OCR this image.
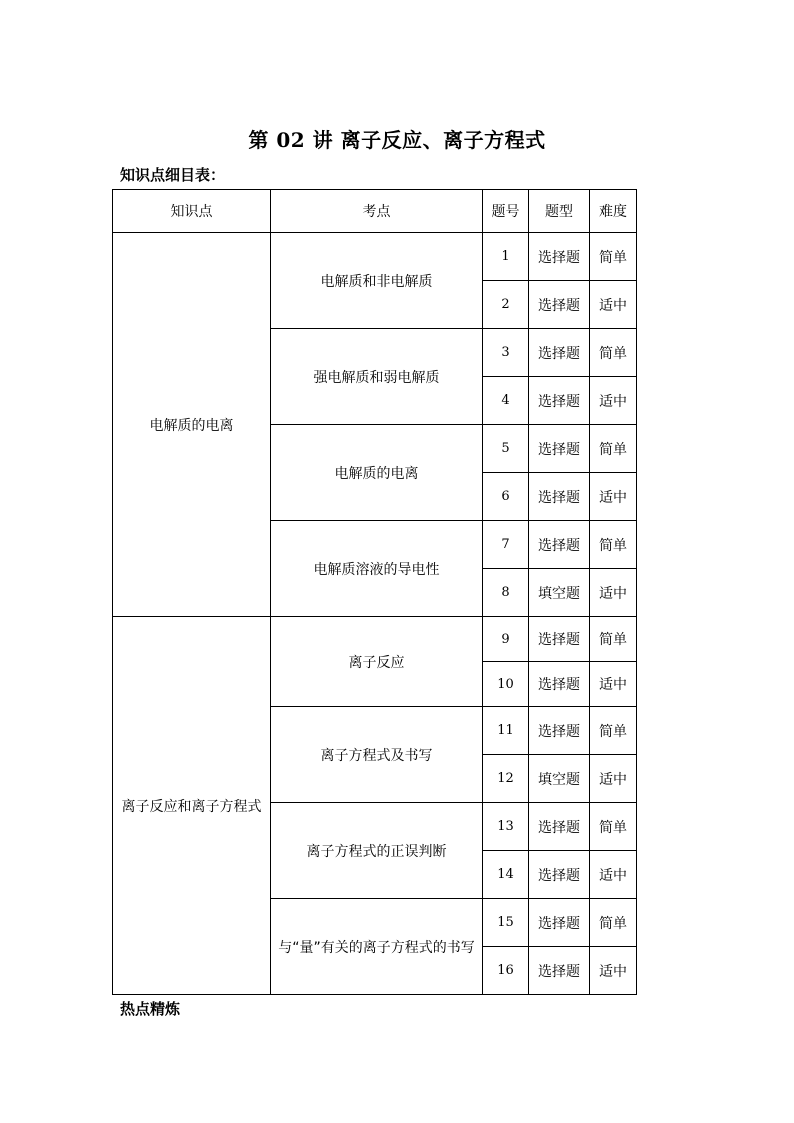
第 02 讲 离子反应、离子方程式
知识点细目表：
知识点	考点	题号	题型	难度
电解质的电离	电解质和非电解质	1	选择题	简单
		2	选择题	适中
	强电解质和弱电解质	3	选择题	简单
		4	选择题	适中
	电解质的电离	5	选择题	简单
		6	选择题	适中
	电解质溶液的导电性	7	选择题	简单
		8	填空题	适中
离子反应和离子方程式	离子反应	9	选择题	简单
		10	选择题	适中
	离子方程式及书写	11	选择题	简单
		12	填空题	适中
	离子方程式的正误判断	13	选择题	简单
		14	选择题	适中
	与“量”有关的离子方程式的书写	15	选择题	简单
		16	选择题	适中
热点精炼
